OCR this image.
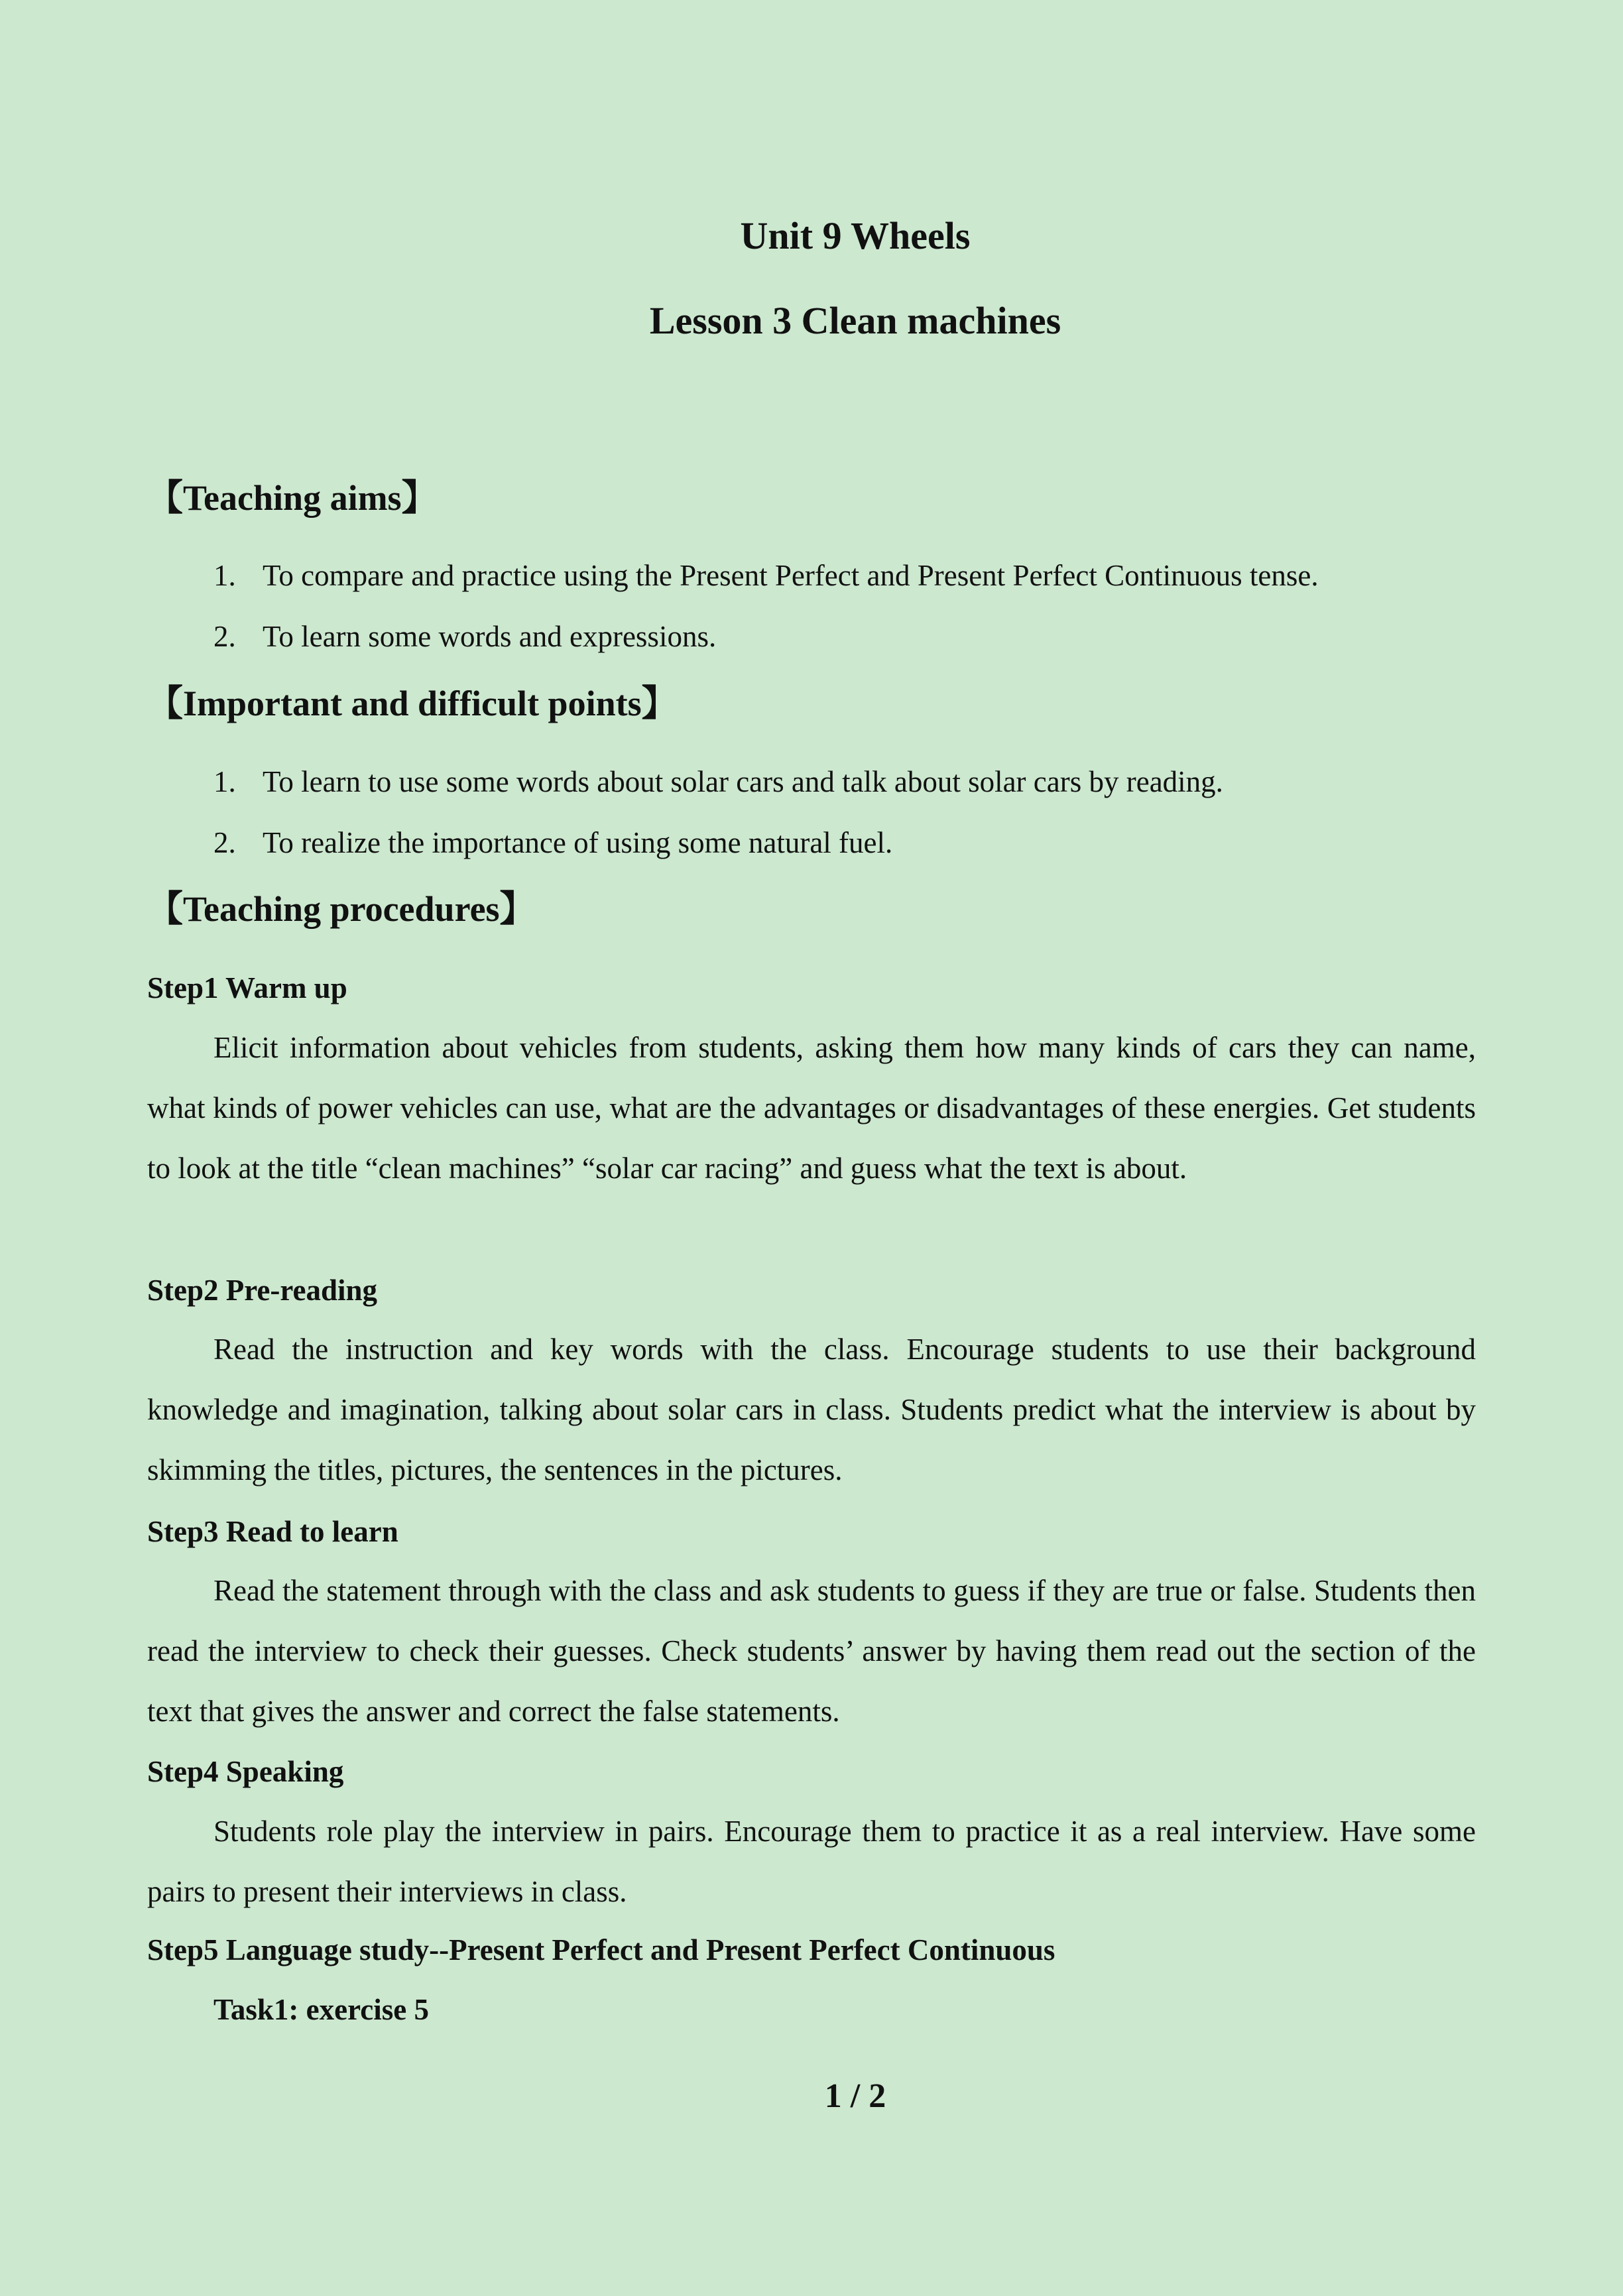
Unit 9 Wheels
Lesson 3 Clean machines
【Teaching aims】
1. To compare and practice using the Present Perfect and Present Perfect Continuous tense.
2. To learn some words and expressions.
【Important and difficult points】
1. To learn to use some words about solar cars and talk about solar cars by reading.
2. To realize the importance of using some natural fuel.
【Teaching procedures】
Step1 Warm up

Elicit information about vehicles from students, asking them how many kinds of cars they can name, what kinds of power vehicles can use, what are the advantages or disadvantages of these energies. Get students to look at the title “clean machines” “solar car racing” and guess what the text is about.

Step2 Pre-reading

Read the instruction and key words with the class. Encourage students to use their background knowledge and imagination, talking about solar cars in class. Students predict what the interview is about by skimming the titles, pictures, the sentences in the pictures.

Step3 Read to learn

Read the statement through with the class and ask students to guess if they are true or false. Students then read the interview to check their guesses. Check students’ answer by having them read out the section of the text that gives the answer and correct the false statements.

Step4 Speaking

Students role play the interview in pairs. Encourage them to practice it as a real interview. Have some pairs to present their interviews in class.

Step5 Language study--Present Perfect and Present Perfect Continuous
Task1: exercise 5
1 / 2
